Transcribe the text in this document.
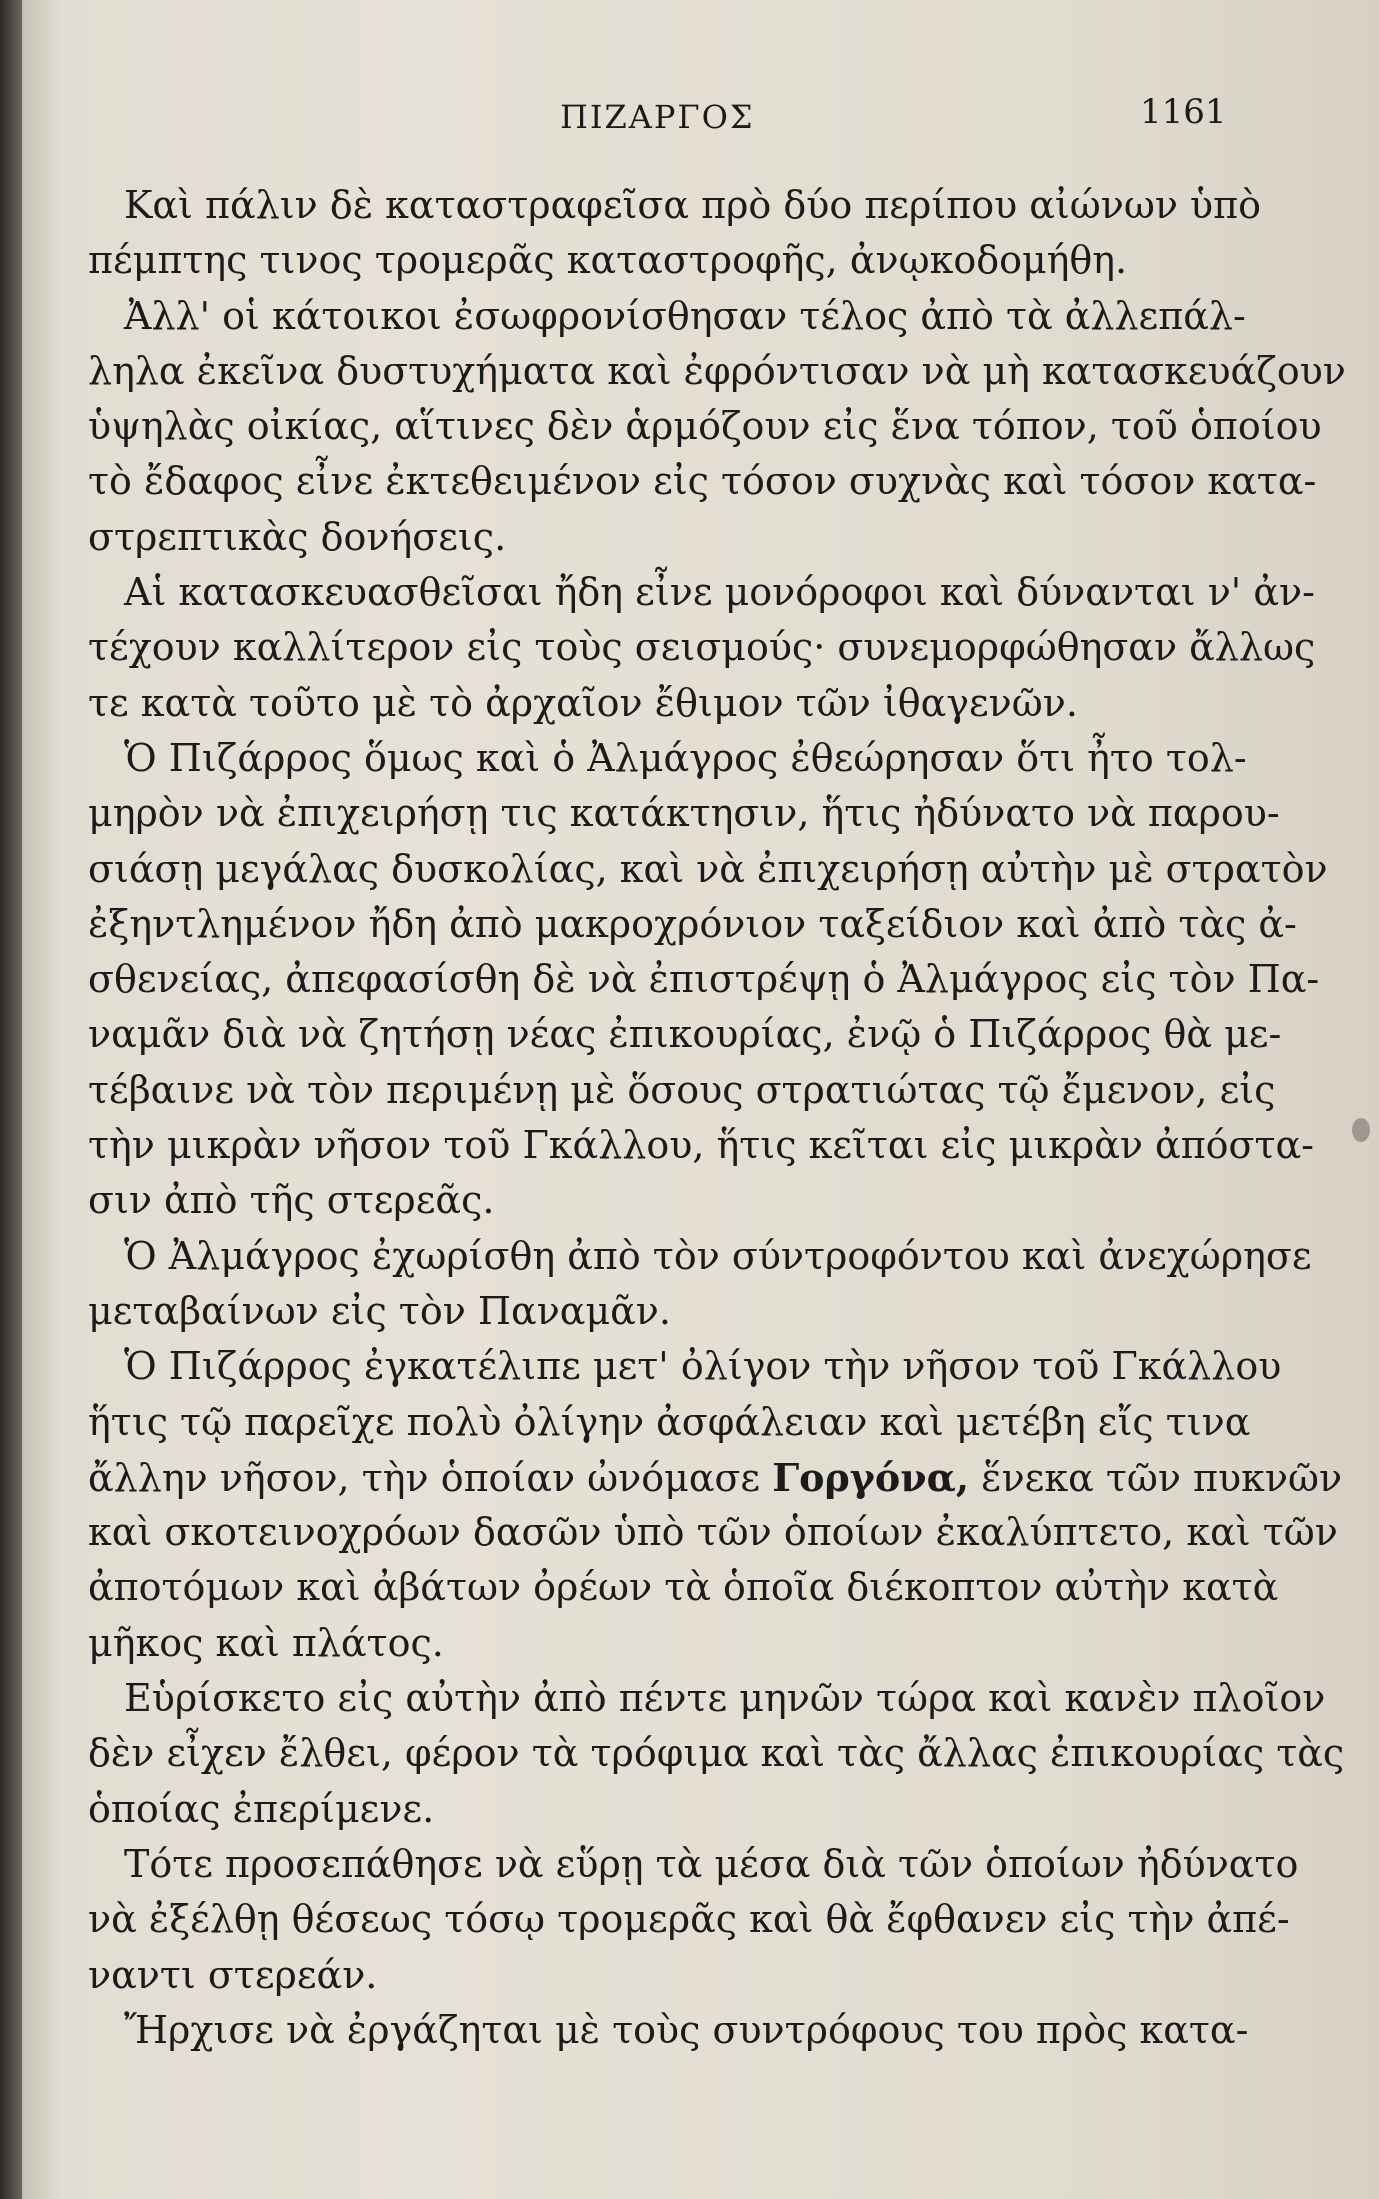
ΠΙΖΑΡΓΟΣ	1161
Καὶ πάλιν δὲ καταστραφεῖσα πρὸ δύο περίπου αἰώνων ὑπὸ
πέμπτης τινος τρομερᾶς καταστροφῆς, ἀνῳκοδομήθη.
Ἀλλ' οἱ κάτοικοι ἐσωφρονίσθησαν τέλος ἀπὸ τὰ ἀλλεπάλ-
ληλα ἐκεῖνα δυστυχήματα καὶ ἐφρόντισαν νὰ μὴ κατασκευάζουν
ὑψηλὰς οἰκίας, αἵτινες δὲν ἁρμόζουν εἰς ἕνα τόπον, τοῦ ὁποίου
τὸ ἔδαφος εἶνε ἐκτεθειμένον εἰς τόσον συχνὰς καὶ τόσον κατα-
στρεπτικὰς δονήσεις.
Αἱ κατασκευασθεῖσαι ἤδη εἶνε μονόροφοι καὶ δύνανται ν' ἀν-
τέχουν καλλίτερον εἰς τοὺς σεισμούς· συνεμορφώθησαν ἄλλως
τε κατὰ τοῦτο μὲ τὸ ἀρχαῖον ἔθιμον τῶν ἰθαγενῶν.
Ὁ Πιζάρρος ὅμως καὶ ὁ Ἀλμάγρος ἐθεώρησαν ὅτι ἦτο τολ-
μηρὸν νὰ ἐπιχειρήσῃ τις κατάκτησιν, ἥτις ἠδύνατο νὰ παρου-
σιάσῃ μεγάλας δυσκολίας, καὶ νὰ ἐπιχειρήσῃ αὐτὴν μὲ στρατὸν
ἐξηντλημένον ἤδη ἀπὸ μακροχρόνιον ταξείδιον καὶ ἀπὸ τὰς ἀ-
σθενείας, ἀπεφασίσθη δὲ νὰ ἐπιστρέψῃ ὁ Ἀλμάγρος εἰς τὸν Πα-
ναμᾶν διὰ νὰ ζητήσῃ νέας ἐπικουρίας, ἐνῷ ὁ Πιζάρρος θὰ με-
τέβαινε νὰ τὸν περιμένῃ μὲ ὅσους στρατιώτας τῷ ἔμενον, εἰς
τὴν μικρὰν νῆσον τοῦ Γκάλλου, ἥτις κεῖται εἰς μικρὰν ἀπόστα-
σιν ἀπὸ τῆς στερεᾶς.
Ὁ Ἀλμάγρος ἐχωρίσθη ἀπὸ τὸν σύντροφόντου καὶ ἀνεχώρησε
μεταβαίνων εἰς τὸν Παναμᾶν.
Ὁ Πιζάρρος ἐγκατέλιπε μετ' ὀλίγον τὴν νῆσον τοῦ Γκάλλου
ἥτις τῷ παρεῖχε πολὺ ὀλίγην ἀσφάλειαν καὶ μετέβη εἴς τινα
ἄλλην νῆσον, τὴν ὁποίαν ὠνόμασε Γοργόνα, ἕνεκα τῶν πυκνῶν
καὶ σκοτεινοχρόων δασῶν ὑπὸ τῶν ὁποίων ἐκαλύπτετο, καὶ τῶν
ἀποτόμων καὶ ἀβάτων ὀρέων τὰ ὁποῖα διέκοπτον αὐτὴν κατὰ
μῆκος καὶ πλάτος.
Εὑρίσκετο εἰς αὐτὴν ἀπὸ πέντε μηνῶν τώρα καὶ κανὲν πλοῖον
δὲν εἶχεν ἔλθει, φέρον τὰ τρόφιμα καὶ τὰς ἄλλας ἐπικουρίας τὰς
ὁποίας ἐπερίμενε.
Τότε προσεπάθησε νὰ εὕρῃ τὰ μέσα διὰ τῶν ὁποίων ἠδύνατο
νὰ ἐξέλθῃ θέσεως τόσῳ τρομερᾶς καὶ θὰ ἔφθανεν εἰς τὴν ἀπέ-
ναντι στερεάν.
Ἤρχισε νὰ ἐργάζηται μὲ τοὺς συντρόφους του πρὸς κατα-
